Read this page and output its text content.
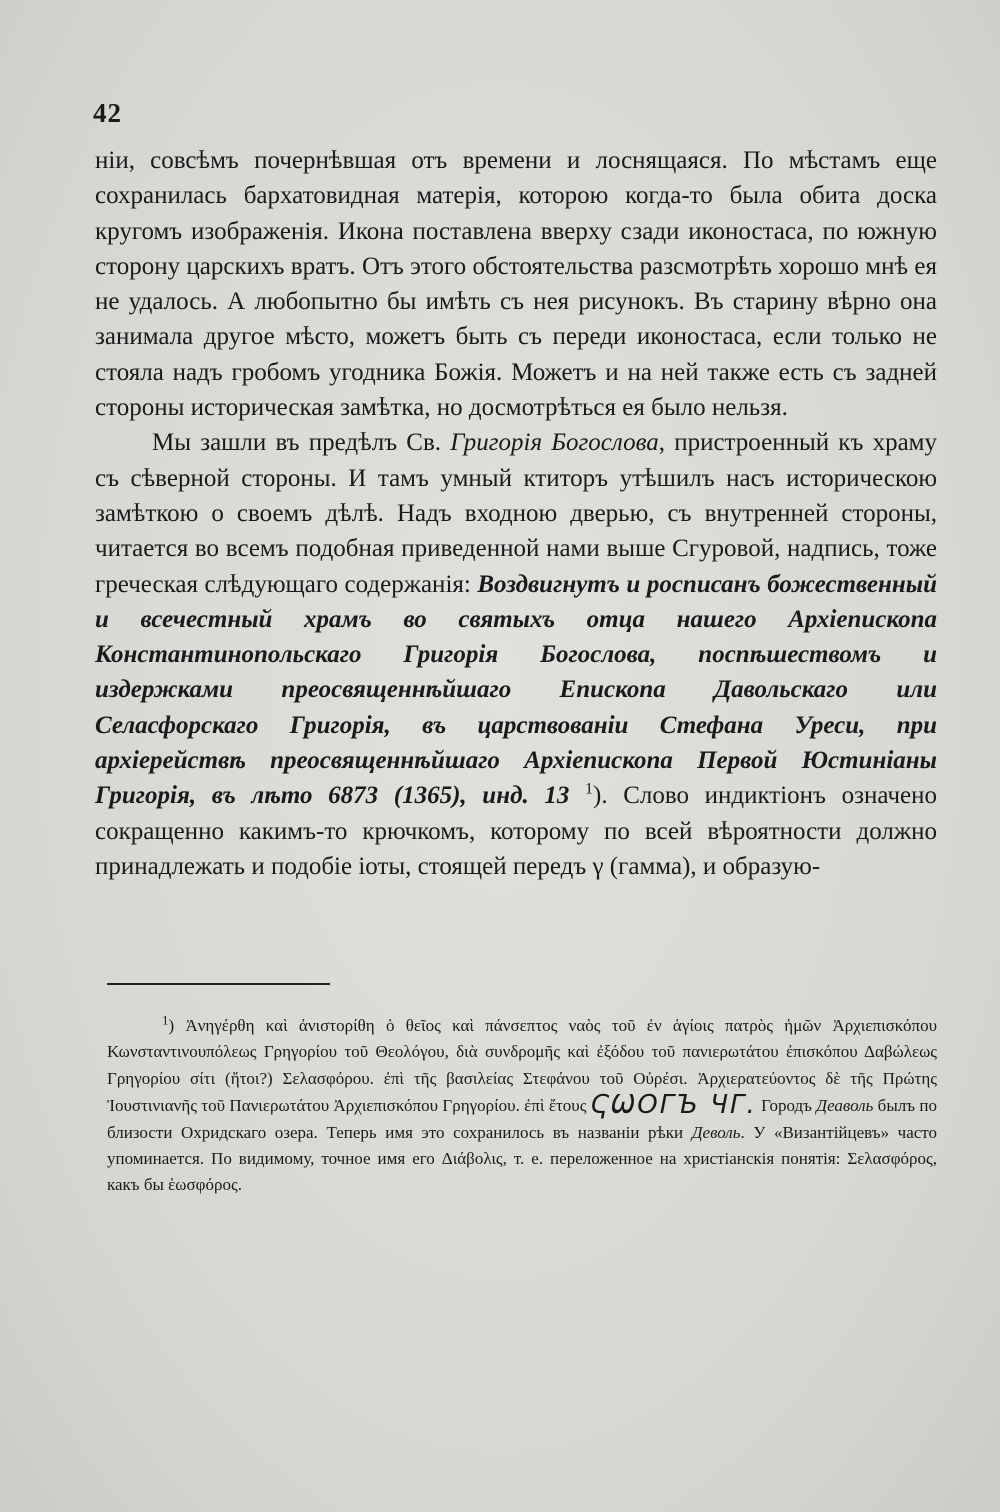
42

ніи, совсѣмъ почернѣвшая отъ времени и лоснящаяся. По мѣстамъ еще сохранилась бархатовидная матерія, которою когда-то была обита доска кругомъ изображенія. Икона поставлена вверху сзади иконостаса, по южную сторону царскихъ вратъ. Отъ этого обстоятельства разсмотрѣть хорошо мнѣ ея не удалось. А любопытно бы имѣть съ нея рисунокъ. Въ старину вѣрно она занимала другое мѣсто, можетъ быть съ переди иконостаса, если только не стояла надъ гробомъ угодника Божія. Можетъ и на ней также есть съ задней стороны историческая замѣтка, но досмотрѣться ея было нельзя.

Мы зашли въ предѣлъ Св. Григорія Богослова, пристроенный къ храму съ сѣверной стороны. И тамъ умный ктиторъ утѣшилъ насъ историческою замѣткою о своемъ дѣлѣ. Надъ входною дверью, съ внутренней стороны, читается во всемъ подобная приведенной нами выше Сгуровой, надпись, тоже греческая слѣдующаго содержанія: Воздвигнутъ и росписанъ божественный и всечестный храмъ во святыхъ отца нашего Архіепископа Константинопольскаго Григорія Богослова, поспѣшествомъ и издержками преосвященнѣйшаго Епископа Давольскаго или Селасфорскаго Григорія, въ царствованіи Стефана Уреси, при архіерействѣ преосвященнѣйшаго Архіепископа Первой Юстиніаны Григорія, въ лѣто 6873 (1365), инд. 13 $^1$). Слово индиктіонъ означено сокращенно какимъ-то крючкомъ, которому по всей вѣроятности должно принадлежать и подобіе іоты, стоящей передъ γ (гамма), и образую-

$^1$) Ἀνηγέρθη καὶ ἀνιστορίθη ὁ θεῖος καὶ πάνσεπτος ναὸς τοῦ ἐν ἁγίοις πατρὸς ἡμῶν Ἀρχιεπισκόπου Κωνσταντινουπόλεως Γρηγορίου τοῦ Θεολόγου, διὰ συνδρομῆς καὶ ἐξόδου τοῦ πανιερωτάτου ἐπισκόπου Δαβώλεως Γρηγορίου σίτι (ἤτοι?) Σελασφόρου. ἐπὶ τῆς βασιλείας Στεφάνου τοῦ Οὐρέσι. Ἀρχιερατεύοντος δὲ τῆς Πρώτης Ἰουστινιανῆς τοῦ Πανιερωτάτου Ἀρχιεπισκόπου Γρηγορίου. ἐπὶ ἔτους ҀѠОГЪ ЧГ. Городъ Деаволь былъ по близости Охридскаго озера. Теперь имя это сохранилось въ названіи рѣки Деволь. У «Византійцевъ» часто упоминается. По видимому, точное имя его Διάβολις, т. е. переложенное на христіанскія понятія: Σελασφόρος, какъ бы ἑωσφόρος.
